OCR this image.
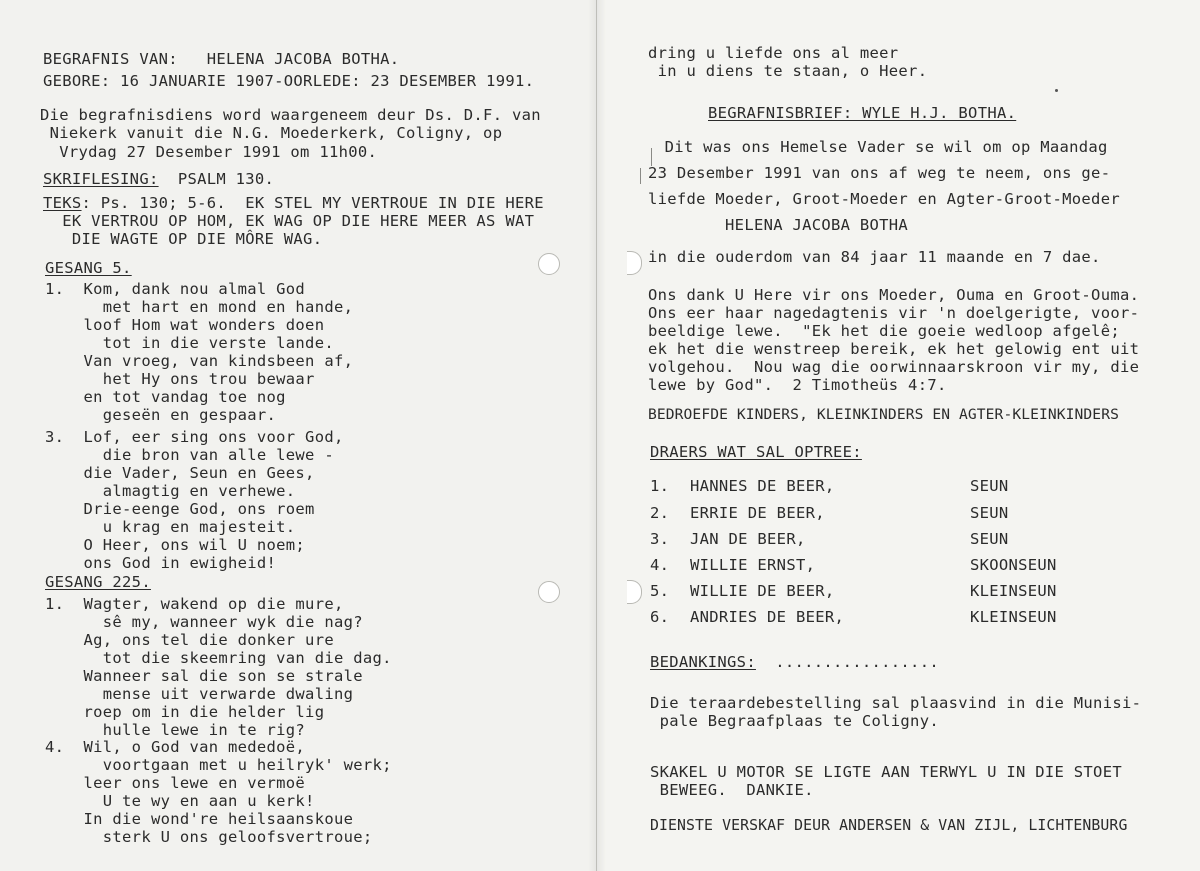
BEGRAFNIS VAN:   HELENA JACOBA BOTHA.
GEBORE: 16 JANUARIE 1907-OORLEDE: 23 DESEMBER 1991.
Die begrafnisdiens word waargeneem deur Ds. D.F. van
Niekerk vanuit die N.G. Moederkerk, Coligny, op
Vrydag 27 Desember 1991 om 11h00.
SKRIFLESING:  PSALM 130.
TEKS: Ps. 130; 5-6.  EK STEL MY VERTROUE IN DIE HERE
EK VERTROU OP HOM, EK WAG OP DIE HERE MEER AS WAT
DIE WAGTE OP DIE MÔRE WAG.
GESANG 5.
1.  Kom, dank nou almal God
met hart en mond en hande,
loof Hom wat wonders doen
tot in die verste lande.
Van vroeg, van kindsbeen af,
het Hy ons trou bewaar
en tot vandag toe nog
geseën en gespaar.
3.  Lof, eer sing ons voor God,
die bron van alle lewe -
die Vader, Seun en Gees,
almagtig en verhewe.
Drie-eenge God, ons roem
u krag en majesteit.
O Heer, ons wil U noem;
ons God in ewigheid!
GESANG 225.
1.  Wagter, wakend op die mure,
sê my, wanneer wyk die nag?
Ag, ons tel die donker ure
tot die skeemring van die dag.
Wanneer sal die son se strale
mense uit verwarde dwaling
roep om in die helder lig
hulle lewe in te rig?
4.  Wil, o God van mededoë,
voortgaan met u heilryk' werk;
leer ons lewe en vermoë
U te wy en aan u kerk!
In die wond're heilsaanskoue
sterk U ons geloofsvertroue;
dring u liefde ons al meer
in u diens te staan, o Heer.
BEGRAFNISBRIEF: WYLE H.J. BOTHA.
Dit was ons Hemelse Vader se wil om op Maandag
23 Desember 1991 van ons af weg te neem, ons ge-
liefde Moeder, Groot-Moeder en Agter-Groot-Moeder
HELENA JACOBA BOTHA
in die ouderdom van 84 jaar 11 maande en 7 dae.
Ons dank U Here vir ons Moeder, Ouma en Groot-Ouma.
Ons eer haar nagedagtenis vir 'n doelgerigte, voor-
beeldige lewe.  "Ek het die goeie wedloop afgelê;
ek het die wenstreep bereik, ek het gelowig ent uit
volgehou.  Nou wag die oorwinnaarskroon vir my, die
lewe by God".  2 Timotheüs 4:7.
BEDROEFDE KINDERS, KLEINKINDERS EN AGTER-KLEINKINDERS
DRAERS WAT SAL OPTREE:
1. HANNES DE BEER,	SEUN
2. ERRIE DE BEER,	SEUN
3. JAN DE BEER,	SEUN
4. WILLIE ERNST,	SKOONSEUN
5. WILLIE DE BEER,	KLEINSEUN
6. ANDRIES DE BEER,	KLEINSEUN
BEDANKINGS:  .................
Die teraardebestelling sal plaasvind in die Munisi-
pale Begraafplaas te Coligny.
SKAKEL U MOTOR SE LIGTE AAN TERWYL U IN DIE STOET
BEWEEG.  DANKIE.
DIENSTE VERSKAF DEUR ANDERSEN & VAN ZIJL, LICHTENBURG
